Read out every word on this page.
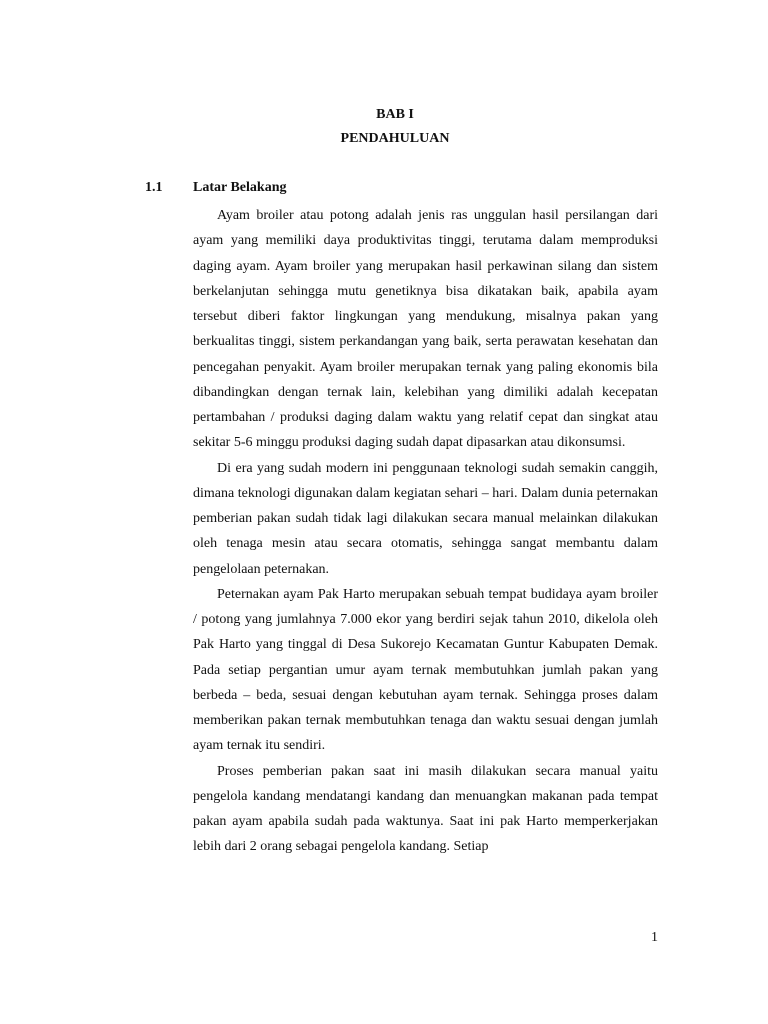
BAB I

PENDAHULUAN

1.1 Latar Belakang

Ayam broiler atau potong adalah jenis ras unggulan hasil persilangan dari ayam yang memiliki daya produktivitas tinggi, terutama dalam memproduksi daging ayam. Ayam broiler yang merupakan hasil perkawinan silang dan sistem berkelanjutan sehingga mutu genetiknya bisa dikatakan baik, apabila ayam tersebut diberi faktor lingkungan yang mendukung, misalnya pakan yang berkualitas tinggi, sistem perkandangan yang baik, serta perawatan kesehatan dan pencegahan penyakit. Ayam broiler merupakan ternak yang paling ekonomis bila dibandingkan dengan ternak lain, kelebihan yang dimiliki adalah kecepatan pertambahan / produksi daging dalam waktu yang relatif cepat dan singkat atau sekitar 5-6 minggu produksi daging sudah dapat dipasarkan atau dikonsumsi.

Di era yang sudah modern ini penggunaan teknologi sudah semakin canggih, dimana teknologi digunakan dalam kegiatan sehari – hari. Dalam dunia peternakan pemberian pakan sudah tidak lagi dilakukan secara manual melainkan dilakukan oleh tenaga mesin atau secara otomatis, sehingga sangat membantu dalam pengelolaan peternakan.

Peternakan ayam Pak Harto merupakan sebuah tempat budidaya ayam broiler / potong yang jumlahnya 7.000 ekor yang berdiri sejak tahun 2010, dikelola oleh Pak Harto yang tinggal di Desa Sukorejo Kecamatan Guntur Kabupaten Demak. Pada setiap pergantian umur ayam ternak membutuhkan jumlah pakan yang berbeda – beda, sesuai dengan kebutuhan ayam ternak. Sehingga proses dalam memberikan pakan ternak membutuhkan tenaga dan waktu sesuai dengan jumlah ayam ternak itu sendiri.

Proses pemberian pakan saat ini masih dilakukan secara manual yaitu pengelola kandang mendatangi kandang dan menuangkan makanan pada tempat pakan ayam apabila sudah pada waktunya. Saat ini pak Harto memperkerjakan lebih dari 2 orang sebagai pengelola kandang. Setiap

1
